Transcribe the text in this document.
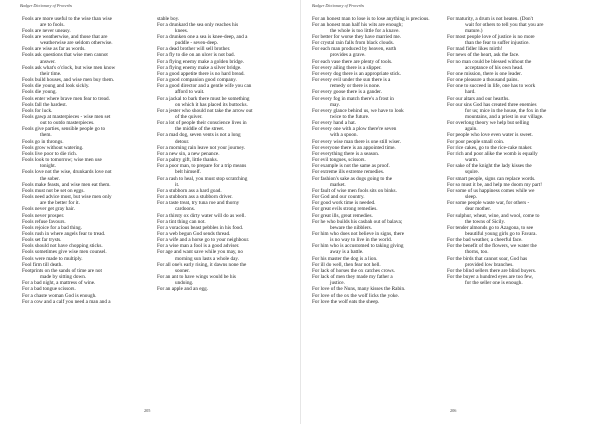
Badger Dictionary of Proverbs
Fools are more useful to the wise than wise
are to fools.
Fools are never uneasy.
Fools are weatherwise, and those that are
weatherwise are seldom otherwise.
Fools are wise as far as words.
Fools ask questions that wise men cannot
answer.
Fools ask what's o'clock, but wise men know
their time.
Fools build houses, and wise men buy them.
Fools die young and look sickly.
Fools die young.
Fools enter where brave men fear to tread.
Fools fall the hardest.
Fools for luck.
Fools gawp at masterpieces - wise men set
out to outdo masterpieces.
Fools give parties, sensible people go to
them.
Fools go in throngs.
Fools grow without watering.
Fools live poor to die rich.
Fools look to tomorrow; wise men use
tonight.
Fools love not the wise, drunkards love not
the sober.
Fools make feasts, and wise men eat them.
Fools must not be set on eggs.
Fools need advice most, but wise men only
are the better for it.
Fools never get gray hair.
Fools never prosper.
Fools refuse favours.
Fools rejoice for a bad thing.
Fools rush in where angels fear to tread.
Fools set far trysts.
Fools should not have chopping sticks.
Fools sometimes give wise men counsel.
Fools were made to multiply.
Fool firm till death.
Footprints on the sands of time are not
made by sitting down.
For a bad night, a mattress of wine.
For a bad tongue scissors.
For a chaste woman God is enough.
For a cow and a calf you need a man and a
stable boy.
For a drunkard the sea only reaches his
knees.
For a drunken one a sea is knee-deep, and a
puddle - seven-deep.
For a dead brother will sell brother.
For a fly to die on an ulcer is not bad.
For a flying enemy make a golden bridge.
For a flying enemy make a silver bridge.
For a good appetite there is no hard bread.
For a good companion good company.
For a good director and a gentle wife you can
afford to wait.
For a jackal to bark there must be something
on which it has placed its buttocks.
For a jester who should not take the arrow out
of the quiver.
For a lot of people their conscience lives in
the middle of the street.
For a mad dog, seven vents is not a long
detour.
For a morning rain leave not your journey.
For a new sin, a new penance.
For a paltry gift, little thanks.
For a poor man, to prepare for a trip means
belt himself.
For a rash to heal, you must stop scratching
it.
For a stubborn ass a hard goad.
For a stubborn ass a stubborn driver.
For a taste treat, try tuna roe and thorny
cardoons.
For a thirsty ox dirty water will do as well.
For a tint thing can not.
For a voracious beast pebbles in his food.
For a web begun God sends thread.
For a wife and a horse go to your neighbour.
For a wise man a fool is a good adviser.
For age and want save while you may, no
morning sun lasts a whole day.
For all one's early rising, it dawns none the
sooner.
For an ant to have wings would be his
undoing.
For an apple and an egg.
205
Badger Dictionary of Proverbs
For an honest man to lose is to lose anything is precious.
For an honest man half his wits are enough;
the whole is too little for a knave.
For better for worse they have married me.
For crystal rain falls from black clouds.
For each man produced by heaven, earth
provides a grave.
For each vase there are plenty of tools.
For every ailing there is a slipper.
For every dog there is an appropriate stick.
For every evil under the sun there is a
remedy or there is none.
For every goose there is a gander.
For every fog in match there's a frost in
may.
For every glance behind us, we have to look
twice to the future.
For every hand a hat.
For every one with a plow there're seven
with a spoon.
For every wise man there is one still wiser.
For everyone there is an appointed time.
For everything there is a season.
For evil tongues, scissors.
For example is not the same as proof.
For extreme ills extreme remedies.
For fashion's sake as dogs going to the
market.
For fault of wise men fools sits on binks.
For God and our country.
For good work time is needed.
For great evils strong remedies.
For great ills, great remedies.
For he who builds his casbah out of balava;
beware the nibblers.
For him who does not believe in signs, there
is no way to live in the world.
For him who is accustomed to taking giving
away is a battle.
For his master the dog is a lion.
For ill do well, then fear not hell.
For lack of horses the ox catches crows.
For lack of men they made my father a
justice.
For love of the Nuns, many kisses the Rabin.
For love of the ox the wolf licks the yoke.
For love the wolf eats the sheep.
For maturity, a drum is not heaten. (Don't
wait for others to tell you that you are
mature.)
For most people love of justice is no more
than the fear to suffer injustice.
For mad fidler likes mirth!
For news of the heart, ask the face.
For no man could be blessed without the
acceptance of his own head.
For one mission, there is one leader.
For one pleasure a thousand pains.
For one to succeed in life, one has to work
hard.
For our altars and our hearths.
For our sins God has created three enemies
for us; mice in the house, the fox in the
mountains, and a priest in our village.
For overlong theory we help but selling
again.
For people who love even water is sweet.
For poor people small coin.
For rice cakes, go to the rice-cake maker.
For rich and poor alike the womb is equally
warm.
For sake of the knight the lady kisses the
squire.
For smart people, signs can replace words.
For so must it be, and help me doom my part!
For some of us happiness comes while we
sleep.
For some people waste war, for others -
dear mother.
For sulphur, wheat, wine, and wool, come to
the towns of Sicily.
For tender almonds go to Azagona, to see
beautiful young girls go to Favara.
For the bad weather, a cheerful face.
For the benefit of the flowers, we water the
thorns, too.
For the birds that cannot soar, God has
provided low branches.
For the blind sellers there are blind buyers.
For the buyer a hundred eyes are too few,
for the seller one is enough.
206
